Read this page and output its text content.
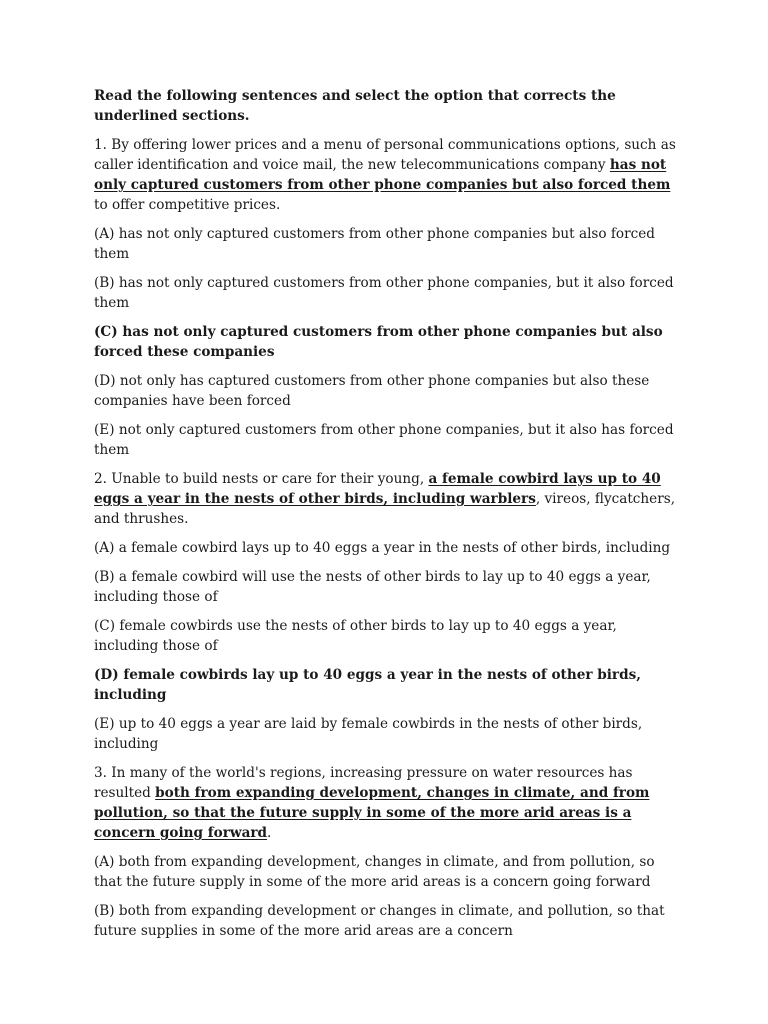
Read the following sentences and select the option that corrects the underlined sections.

1. By offering lower prices and a menu of personal communications options, such as caller identification and voice mail, the new telecommunications company has not only captured customers from other phone companies but also forced them to offer competitive prices.

(A) has not only captured customers from other phone companies but also forced them

(B) has not only captured customers from other phone companies, but it also forced them

(C) has not only captured customers from other phone companies but also forced these companies

(D) not only has captured customers from other phone companies but also these companies have been forced

(E) not only captured customers from other phone companies, but it also has forced them

2. Unable to build nests or care for their young, a female cowbird lays up to 40 eggs a year in the nests of other birds, including warblers, vireos, flycatchers, and thrushes.

(A) a female cowbird lays up to 40 eggs a year in the nests of other birds, including

(B) a female cowbird will use the nests of other birds to lay up to 40 eggs a year, including those of

(C) female cowbirds use the nests of other birds to lay up to 40 eggs a year, including those of

(D) female cowbirds lay up to 40 eggs a year in the nests of other birds, including

(E) up to 40 eggs a year are laid by female cowbirds in the nests of other birds, including

3. In many of the world's regions, increasing pressure on water resources has resulted both from expanding development, changes in climate, and from pollution, so that the future supply in some of the more arid areas is a concern going forward.

(A) both from expanding development, changes in climate, and from pollution, so that the future supply in some of the more arid areas is a concern going forward

(B) both from expanding development or changes in climate, and pollution, so that future supplies in some of the more arid areas are a concern
